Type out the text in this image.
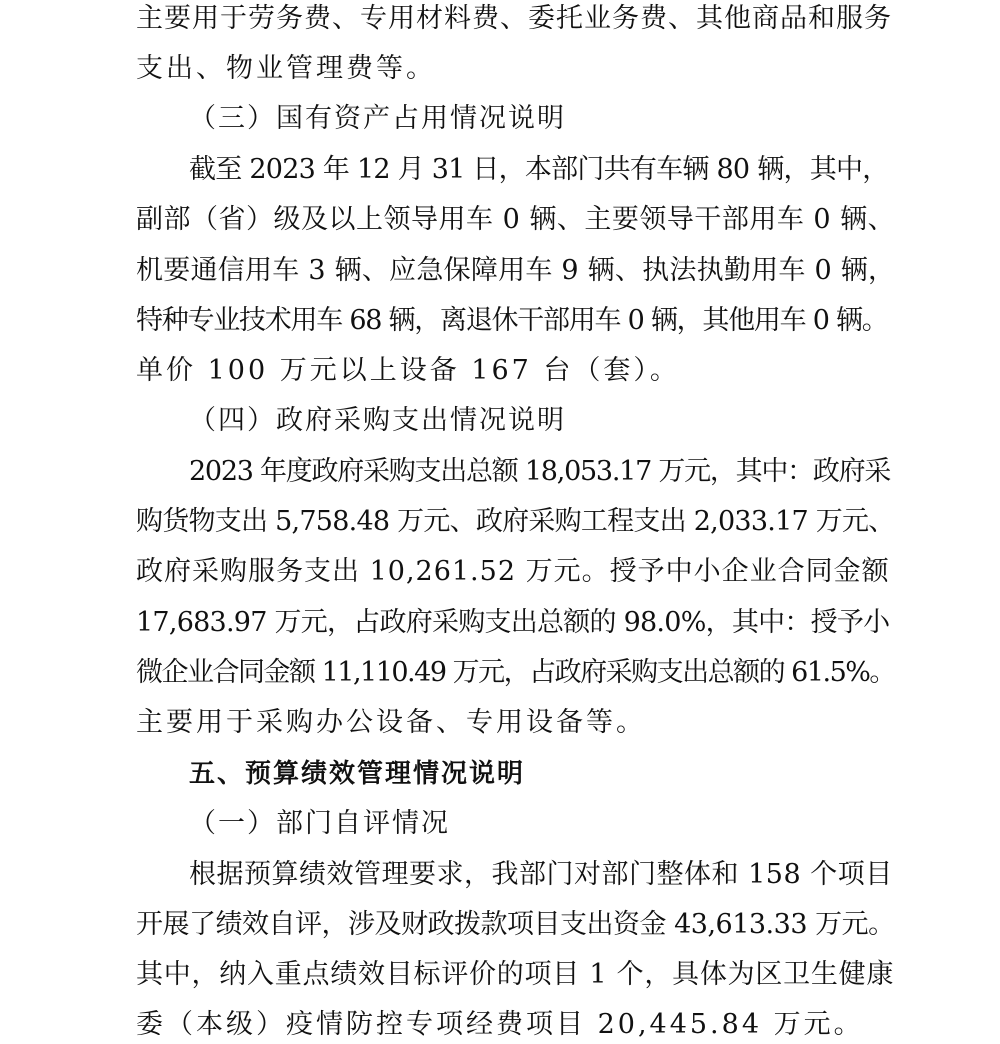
主要用于劳务费、专用材料费、委托业务费、其他商品和服务
支出、物业管理费等。
（三）国有资产占用情况说明
截至 2023 年 12 月 31 日，本部门共有车辆 80 辆，其中，
副部（省）级及以上领导用车 0 辆、主要领导干部用车 0 辆、
机要通信用车 3 辆、应急保障用车 9 辆、执法执勤用车 0 辆，
特种专业技术用车 68 辆，离退休干部用车 0 辆，其他用车 0 辆。
单价 100 万元以上设备 167 台（套）。
（四）政府采购支出情况说明
2023 年度政府采购支出总额 18,053.17 万元，其中：政府采
购货物支出 5,758.48 万元、政府采购工程支出 2,033.17 万元、
政府采购服务支出 10,261.52 万元。授予中小企业合同金额
17,683.97 万元，占政府采购支出总额的 98.0%，其中：授予小
微企业合同金额 11,110.49 万元，占政府采购支出总额的 61.5%。
主要用于采购办公设备、专用设备等。
五、预算绩效管理情况说明
（一）部门自评情况
根据预算绩效管理要求，我部门对部门整体和 158 个项目
开展了绩效自评，涉及财政拨款项目支出资金 43,613.33 万元。
其中，纳入重点绩效目标评价的项目 1 个，具体为区卫生健康
委（本级）疫情防控专项经费项目 20,445.84 万元。
